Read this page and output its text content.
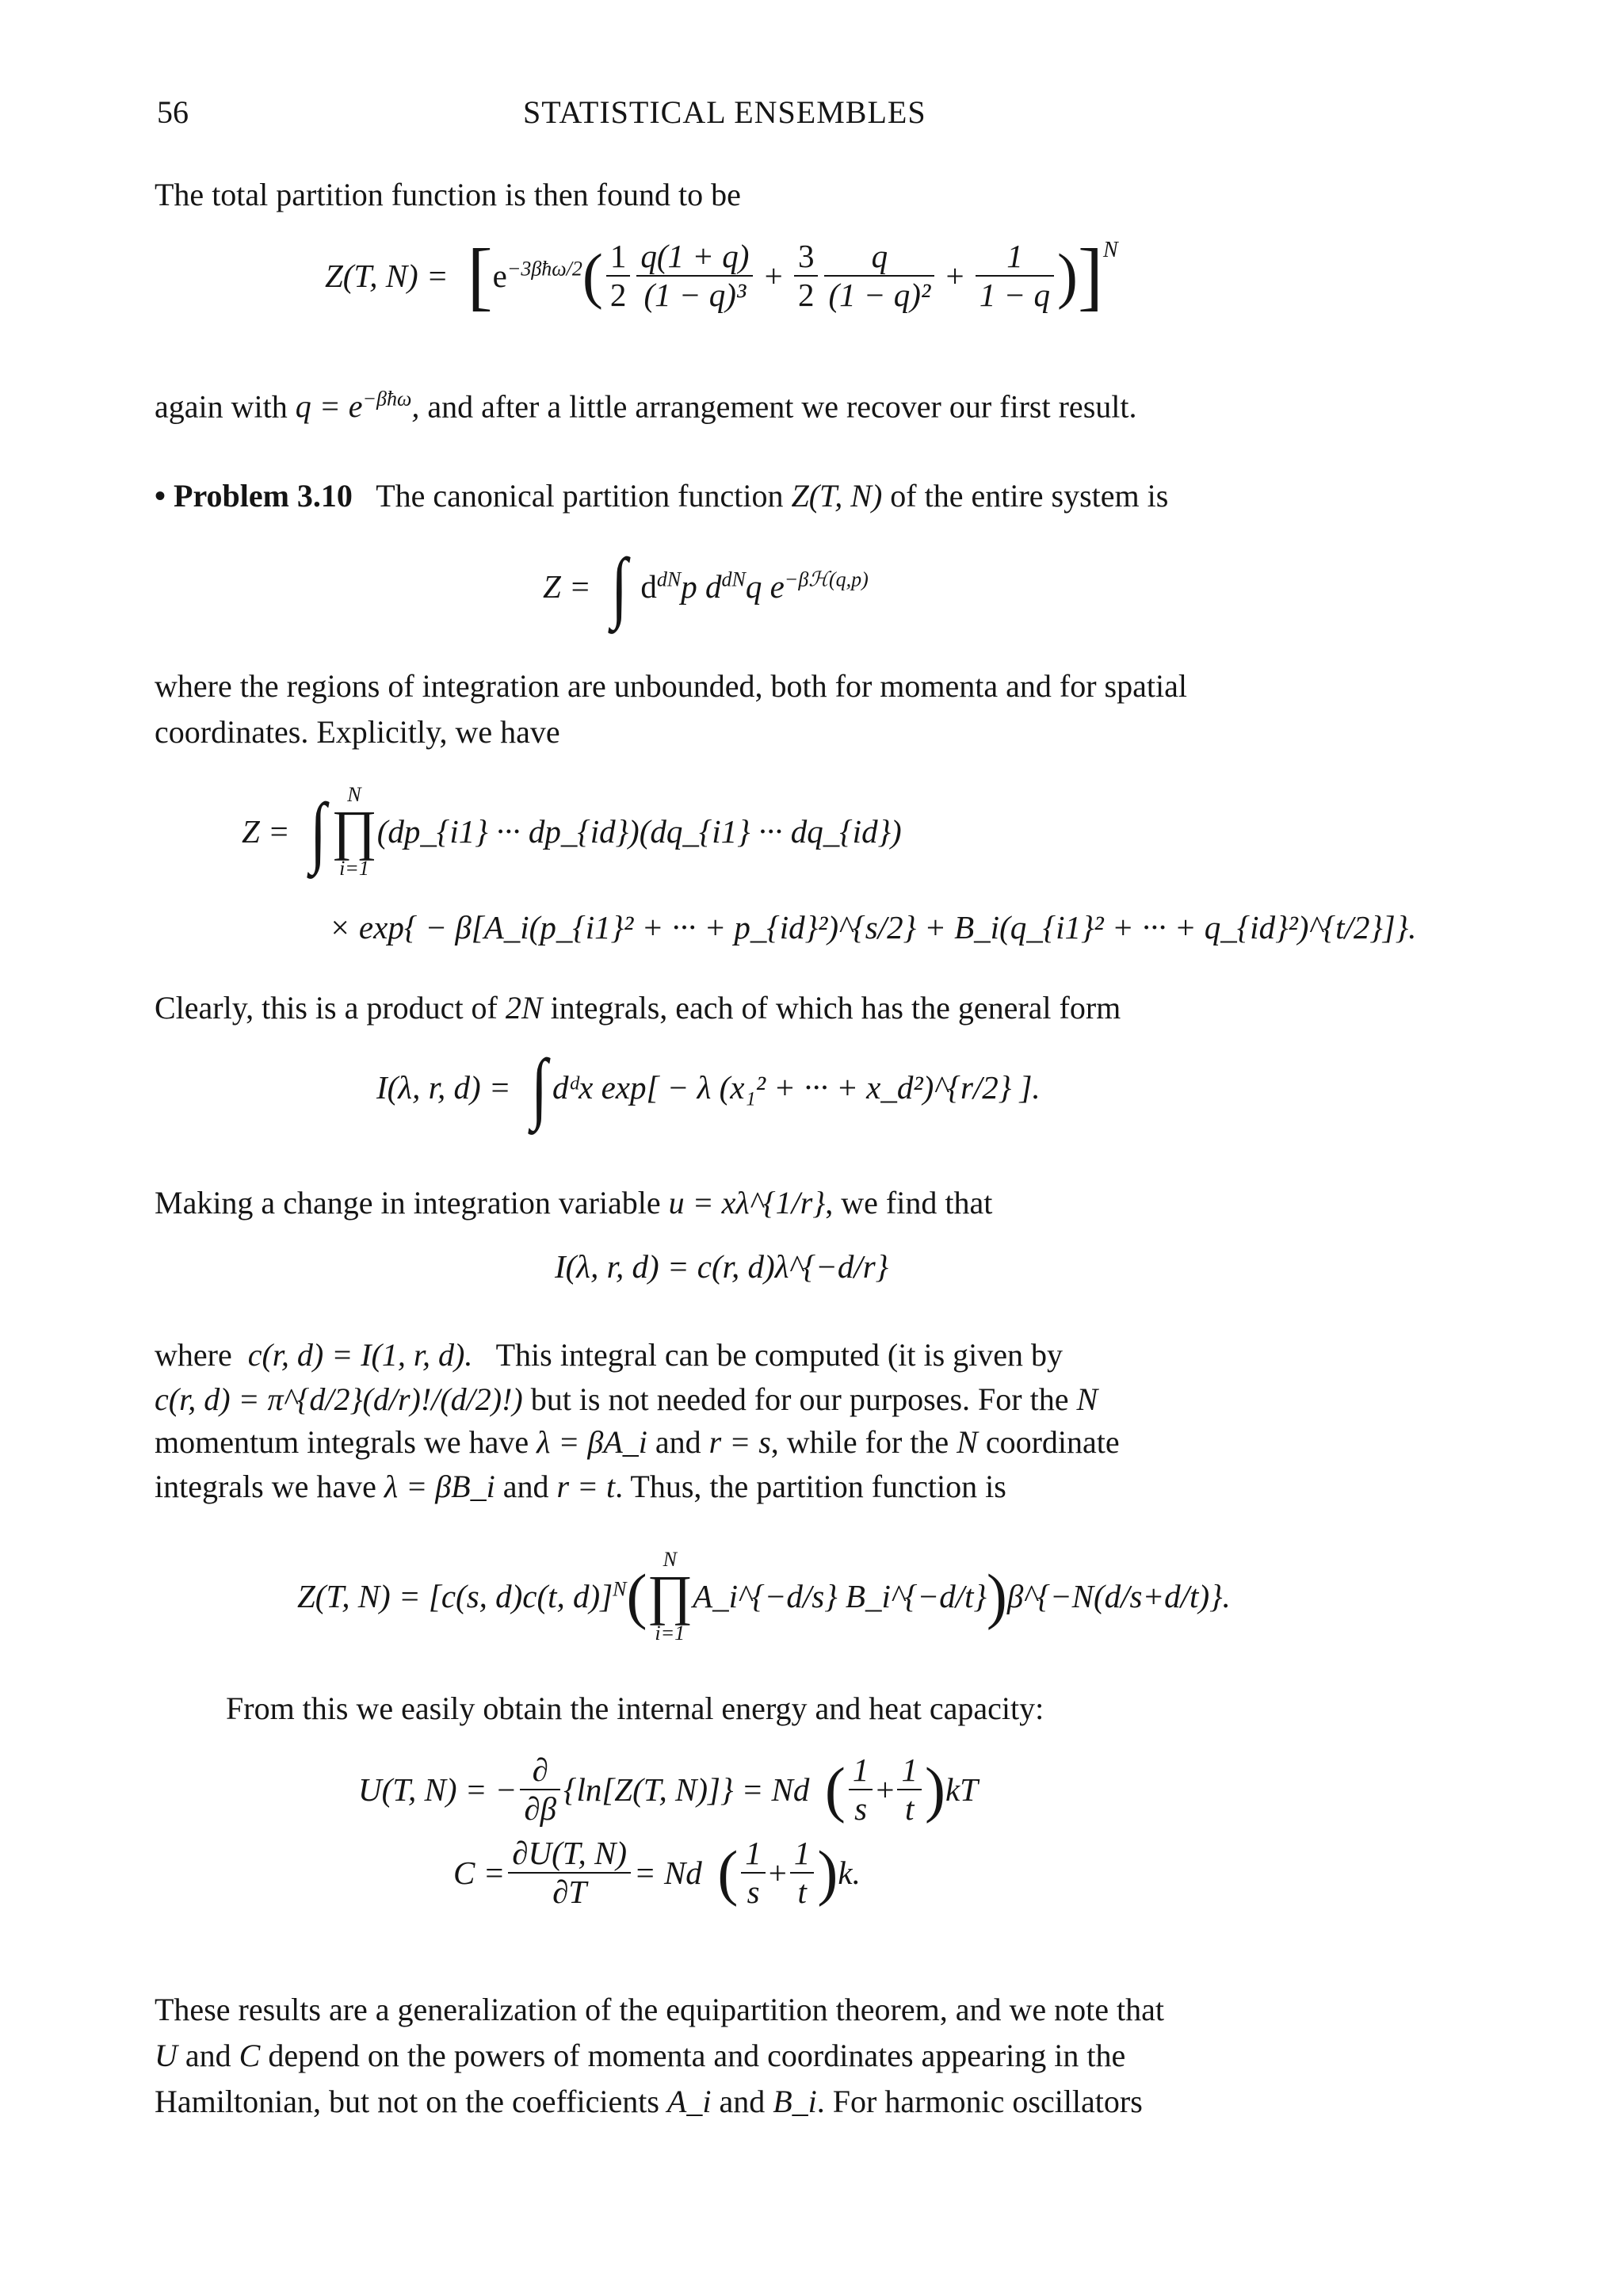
56	STATISTICAL ENSEMBLES
The total partition function is then found to be
Z(T, N) = [ $e^{-3\beta ħ\omega/2}$ ( $\frac{1}{2} \frac{q(1 + q)}{\text{(1 − q)³}} + \frac{3}{2} \frac{q}{\text{(1 − q)²}} + \frac{1}{1 - q}$ ) ] N
again with $q = e^{-\beta ħ\omega}$, and after a little arrangement we recover our first result.
• Problem 3.10 The canonical partition function Z(T, N) of the entire system is
Z = ∫ $d^{dN}p$ $d^{dN}q$ $e^{-\beta ℋ(q,p)}$
where the regions of integration are unbounded, both for momenta and for spatial
coordinates. Explicitly, we have
Z = ∫	N
∏
i=1
(dp_{i1} ··· dp_{id})(dq_{i1} ··· dq_{id})
× exp{ − β[A_i(p_{i1}² + ··· + p_{id}²)^{s/2} + B_i(q_{i1}² + ··· + q_{id}²)^{t/2}]}.
Clearly, this is a product of 2N integrals, each of which has the general form
I(λ, r, d) = ∫ dᵈx exp[ − λ (x₁² + ··· + x_d²)^{r/2} ].
Making a change in integration variable u = xλ^{1/r}, we find that
I(λ, r, d) = c(r, d)λ^{−d/r}
where c(r, d) = I(1, r, d). This integral can be computed (it is given by
c(r, d) = π^{d/2}(d/r)!/(d/2)!) but is not needed for our purposes. For the N
momentum integrals we have λ = βA_i and r = s, while for the N coordinate
integrals we have λ = βB_i and r = t. Thus, the partition function is
Z(T, N) = [c(s, d)c(t, d)]$^N$ (
N
∏
i=1
A_i^{−d/s} B_i^{−d/t} ) β^{−N(d/s+d/t)}.
From this we easily obtain the internal energy and heat capacity:
U(T, N) = − $\frac{\partial}{\partial\beta} \{\ln[Z(T$, N)]} = Nd ( $\frac{1}{s} + \frac{1}{t}$ ) kT
$C = \frac{\partial U(T, N)}{\partial T} = Nd$ ( $\frac{1}{s} + \frac{1}{t}$ ) k.
These results are a generalization of the equipartition theorem, and we note that
U and C depend on the powers of momenta and coordinates appearing in the
Hamiltonian, but not on the coefficients A_i and B_i. For harmonic oscillators
